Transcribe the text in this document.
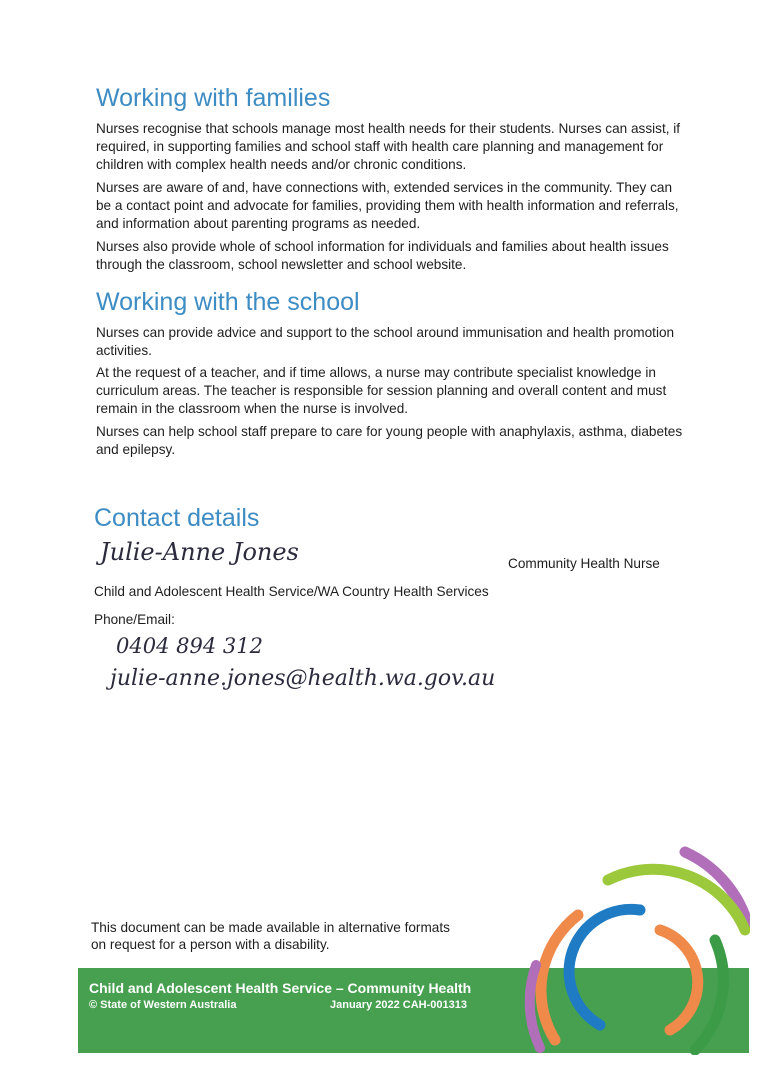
Working with families

Nurses recognise that schools manage most health needs for their students. Nurses can assist, if required, in supporting families and school staff with health care planning and management for children with complex health needs and/or chronic conditions.

Nurses are aware of and, have connections with, extended services in the community. They can be a contact point and advocate for families, providing them with health information and referrals, and information about parenting programs as needed.

Nurses also provide whole of school information for individuals and families about health issues through the classroom, school newsletter and school website.

Working with the school

Nurses can provide advice and support to the school around immunisation and health promotion activities.

At the request of a teacher, and if time allows, a nurse may contribute specialist knowledge in curriculum areas. The teacher is responsible for session planning and overall content and must remain in the classroom when the nurse is involved.

Nurses can help school staff prepare to care for young people with anaphylaxis, asthma, diabetes and epilepsy.

Contact details
Julie-Anne Jones	Community Health Nurse
Child and Adolescent Health Service/WA Country Health Services
Phone/Email:
0404 894 312
julie-anne.jones@health.wa.gov.au
This document can be made available in alternative formats
on request for a person with a disability.
Child and Adolescent Health Service – Community Health
© State of Western Australia	January 2022 CAH-001313
